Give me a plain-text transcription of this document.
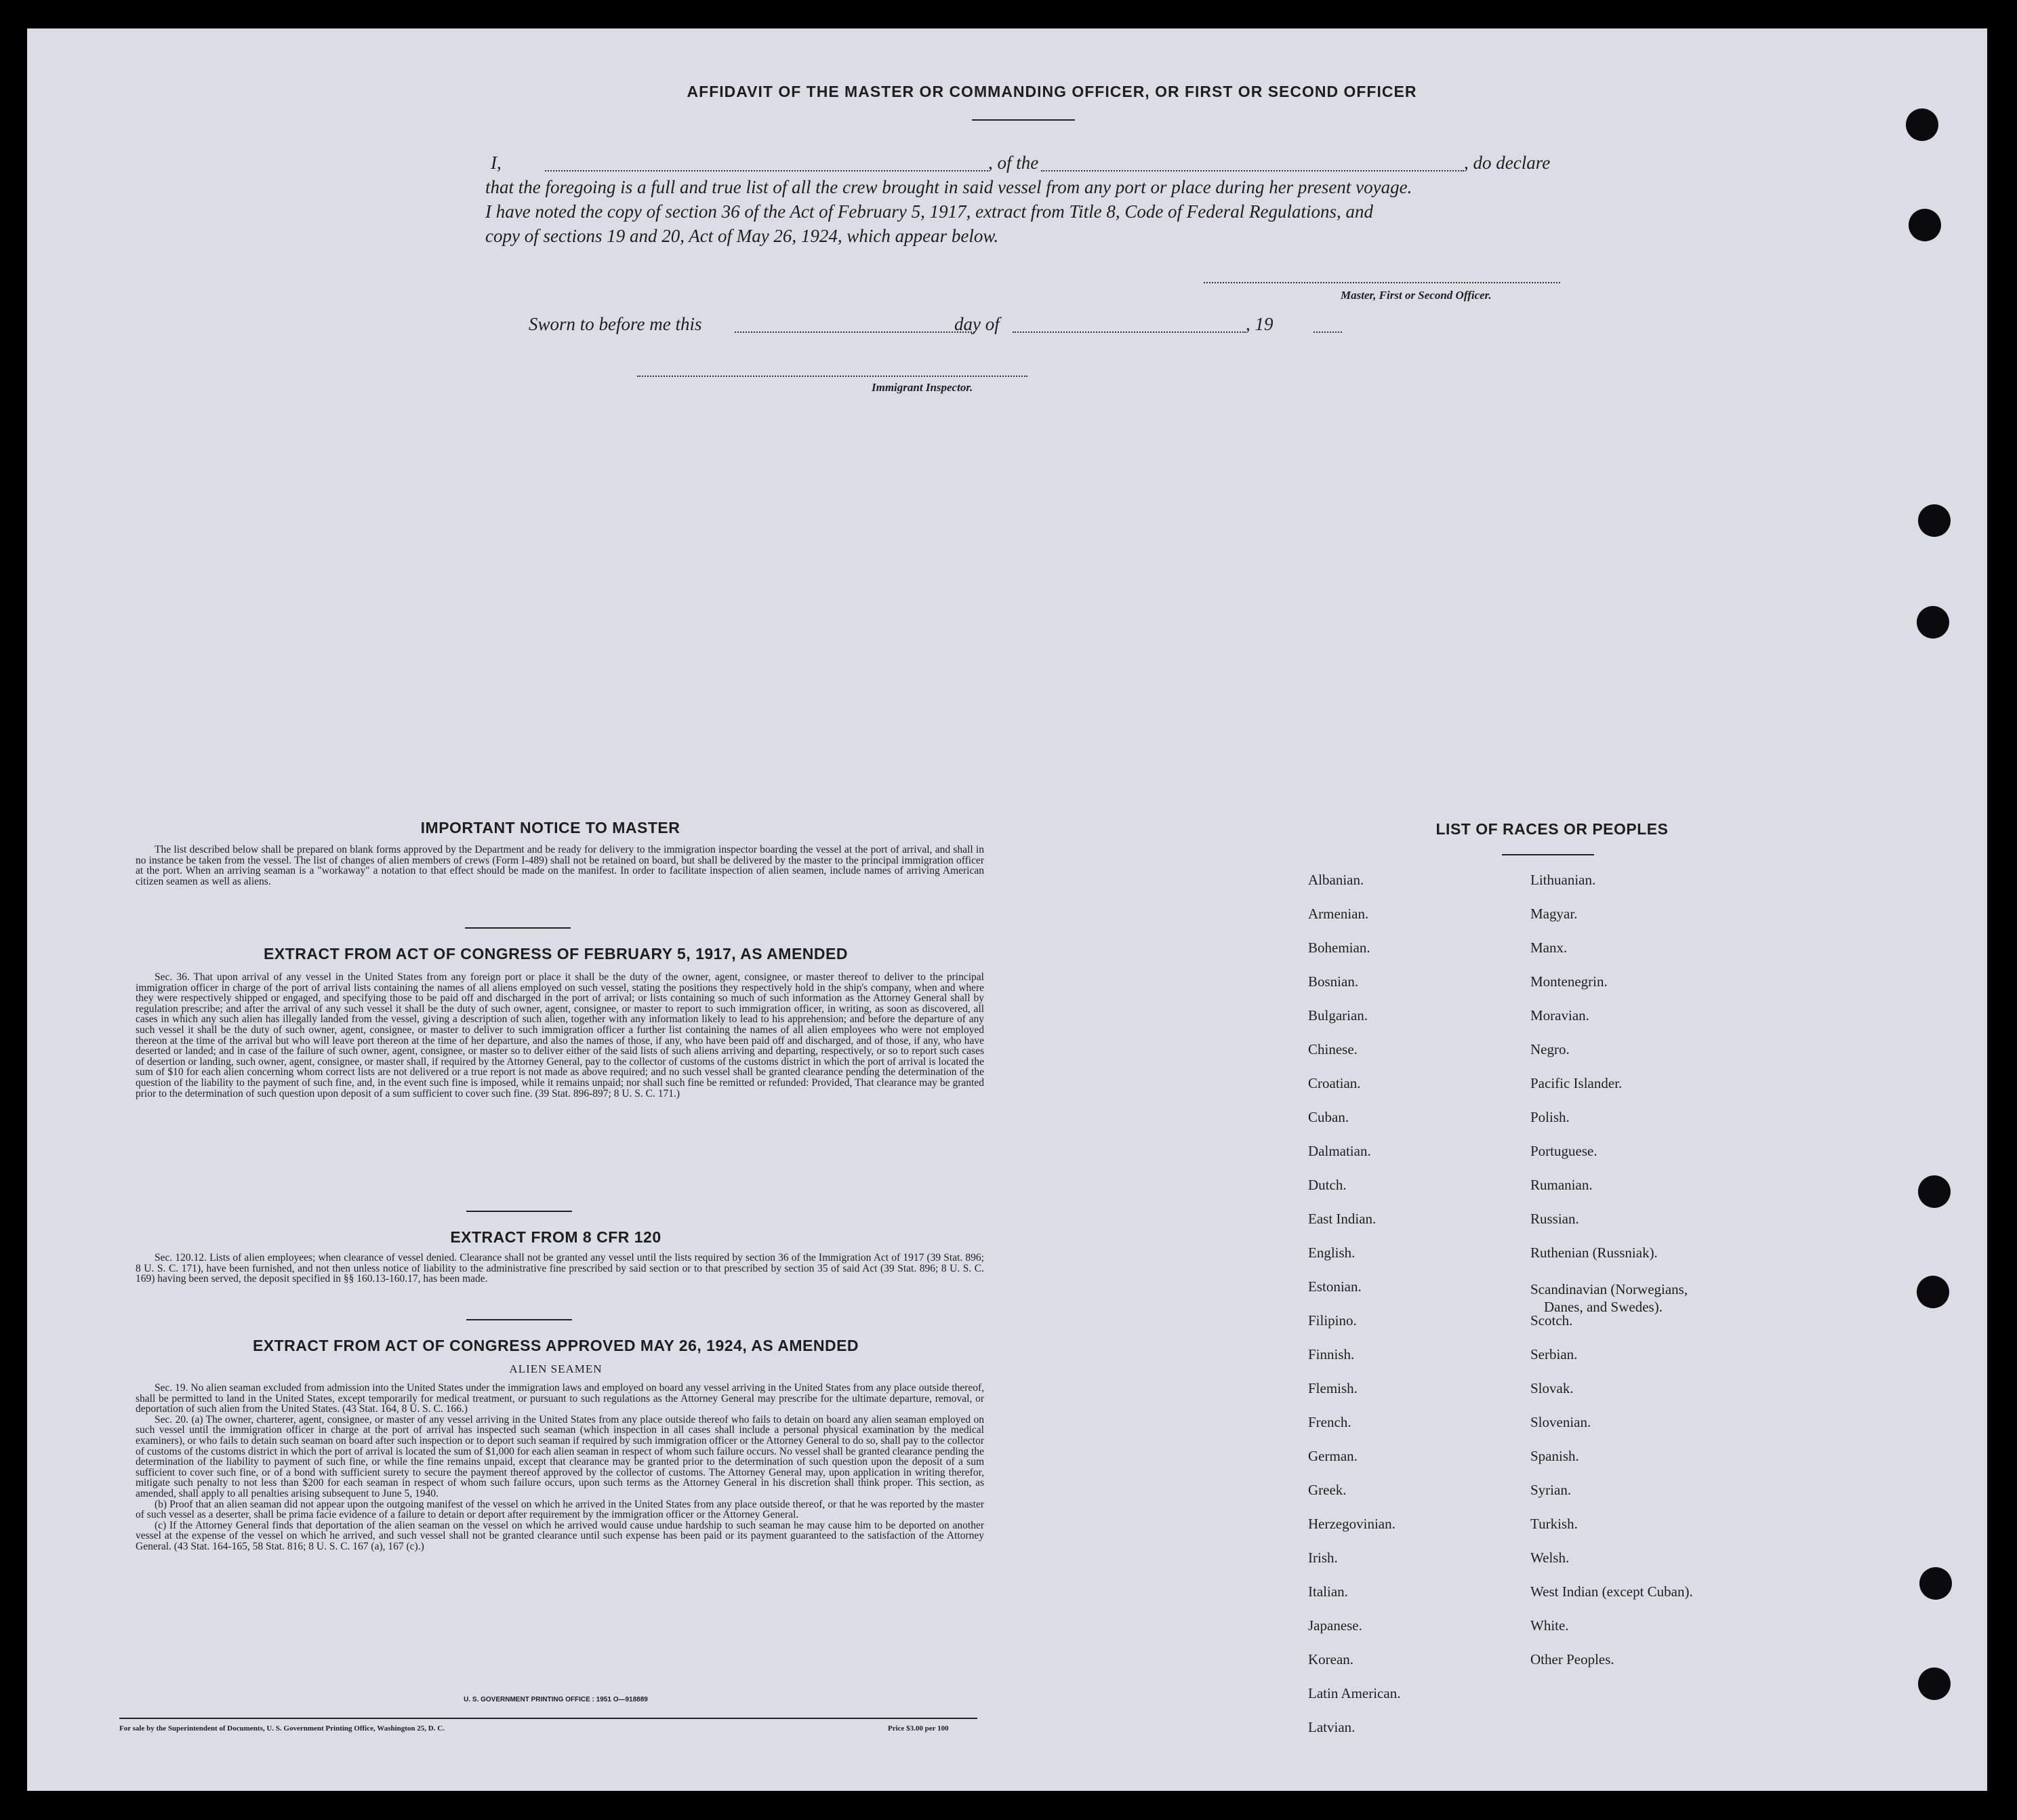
AFFIDAVIT OF THE MASTER OR COMMANDING OFFICER, OR FIRST OR SECOND OFFICER
I,	, of the	, do declare
that the foregoing is a full and true list of all the crew brought in said vessel from any port or place during her present voyage.
I have noted the copy of section 36 of the Act of February 5, 1917, extract from Title 8, Code of Federal Regulations, and
copy of sections 19 and 20, Act of May 26, 1924, which appear below.
Master, First or Second Officer.
Sworn to before me this	day of	, 19
Immigrant Inspector.
IMPORTANT NOTICE TO MASTER
The list described below shall be prepared on blank forms approved by the Department and be ready for delivery to the immigration inspector boarding the vessel at the port of arrival, and shall in no instance be taken from the vessel. The list of changes of alien members of crews (Form I-489) shall not be retained on board, but shall be delivered by the master to the principal immigration officer at the port. When an arriving seaman is a "workaway" a notation to that effect should be made on the manifest. In order to facilitate inspection of alien seamen, include names of arriving American citizen seamen as well as aliens.
EXTRACT FROM ACT OF CONGRESS OF FEBRUARY 5, 1917, AS AMENDED
Sec. 36. That upon arrival of any vessel in the United States from any foreign port or place it shall be the duty of the owner, agent, consignee, or master thereof to deliver to the principal immigration officer in charge of the port of arrival lists containing the names of all aliens employed on such vessel, stating the positions they respectively hold in the ship's company, when and where they were respectively shipped or engaged, and specifying those to be paid off and discharged in the port of arrival; or lists containing so much of such information as the Attorney General shall by regulation prescribe; and after the arrival of any such vessel it shall be the duty of such owner, agent, consignee, or master to report to such immigration officer, in writing, as soon as discovered, all cases in which any such alien has illegally landed from the vessel, giving a description of such alien, together with any information likely to lead to his apprehension; and before the departure of any such vessel it shall be the duty of such owner, agent, consignee, or master to deliver to such immigration officer a further list containing the names of all alien employees who were not employed thereon at the time of the arrival but who will leave port thereon at the time of her departure, and also the names of those, if any, who have been paid off and discharged, and of those, if any, who have deserted or landed; and in case of the failure of such owner, agent, consignee, or master so to deliver either of the said lists of such aliens arriving and departing, respectively, or so to report such cases of desertion or landing, such owner, agent, consignee, or master shall, if required by the Attorney General, pay to the collector of customs of the customs district in which the port of arrival is located the sum of $10 for each alien concerning whom correct lists are not delivered or a true report is not made as above required; and no such vessel shall be granted clearance pending the determination of the question of the liability to the payment of such fine, and, in the event such fine is imposed, while it remains unpaid; nor shall such fine be remitted or refunded: Provided, That clearance may be granted prior to the determination of such question upon deposit of a sum sufficient to cover such fine. (39 Stat. 896-897; 8 U. S. C. 171.)
EXTRACT FROM 8 CFR 120
Sec. 120.12. Lists of alien employees; when clearance of vessel denied. Clearance shall not be granted any vessel until the lists required by section 36 of the Immigration Act of 1917 (39 Stat. 896; 8 U. S. C. 171), have been furnished, and not then unless notice of liability to the administrative fine prescribed by said section or to that prescribed by section 35 of said Act (39 Stat. 896; 8 U. S. C. 169) having been served, the deposit specified in §§ 160.13-160.17, has been made.
EXTRACT FROM ACT OF CONGRESS APPROVED MAY 26, 1924, AS AMENDED
ALIEN SEAMEN

Sec. 19. No alien seaman excluded from admission into the United States under the immigration laws and employed on board any vessel arriving in the United States from any place outside thereof, shall be permitted to land in the United States, except temporarily for medical treatment, or pursuant to such regulations as the Attorney General may prescribe for the ultimate departure, removal, or deportation of such alien from the United States. (43 Stat. 164, 8 U. S. C. 166.)

Sec. 20. (a) The owner, charterer, agent, consignee, or master of any vessel arriving in the United States from any place outside thereof who fails to detain on board any alien seaman employed on such vessel until the immigration officer in charge at the port of arrival has inspected such seaman (which inspection in all cases shall include a personal physical examination by the medical examiners), or who fails to detain such seaman on board after such inspection or to deport such seaman if required by such immigration officer or the Attorney General to do so, shall pay to the collector of customs of the customs district in which the port of arrival is located the sum of $1,000 for each alien seaman in respect of whom such failure occurs. No vessel shall be granted clearance pending the determination of the liability to payment of such fine, or while the fine remains unpaid, except that clearance may be granted prior to the determination of such question upon the deposit of a sum sufficient to cover such fine, or of a bond with sufficient surety to secure the payment thereof approved by the collector of customs. The Attorney General may, upon application in writing therefor, mitigate such penalty to not less than $200 for each seaman in respect of whom such failure occurs, upon such terms as the Attorney General in his discretion shall think proper. This section, as amended, shall apply to all penalties arising subsequent to June 5, 1940.

(b) Proof that an alien seaman did not appear upon the outgoing manifest of the vessel on which he arrived in the United States from any place outside thereof, or that he was reported by the master of such vessel as a deserter, shall be prima facie evidence of a failure to detain or deport after requirement by the immigration officer or the Attorney General.

(c) If the Attorney General finds that deportation of the alien seaman on the vessel on which he arrived would cause undue hardship to such seaman he may cause him to be deported on another vessel at the expense of the vessel on which he arrived, and such vessel shall not be granted clearance until such expense has been paid or its payment guaranteed to the satisfaction of the Attorney General. (43 Stat. 164-165, 58 Stat. 816; 8 U. S. C. 167 (a), 167 (c).)

U. S. GOVERNMENT PRINTING OFFICE : 1951 O—918889
For sale by the Superintendent of Documents, U. S. Government Printing Office, Washington 25, D. C.	Price $3.00 per 100
LIST OF RACES OR PEOPLES
Albanian.
Armenian.
Bohemian.
Bosnian.
Bulgarian.
Chinese.
Croatian.
Cuban.
Dalmatian.
Dutch.
East Indian.
English.
Estonian.
Filipino.
Finnish.
Flemish.
French.
German.
Greek.
Herzegovinian.
Irish.
Italian.
Japanese.
Korean.
Latin American.
Latvian.
Lithuanian.
Magyar.
Manx.
Montenegrin.
Moravian.
Negro.
Pacific Islander.
Polish.
Portuguese.
Rumanian.
Russian.
Ruthenian (Russniak).
Scandinavian (Norwegians,
Danes, and Swedes).
Scotch.
Serbian.
Slovak.
Slovenian.
Spanish.
Syrian.
Turkish.
Welsh.
West Indian (except Cuban).
White.
Other Peoples.
